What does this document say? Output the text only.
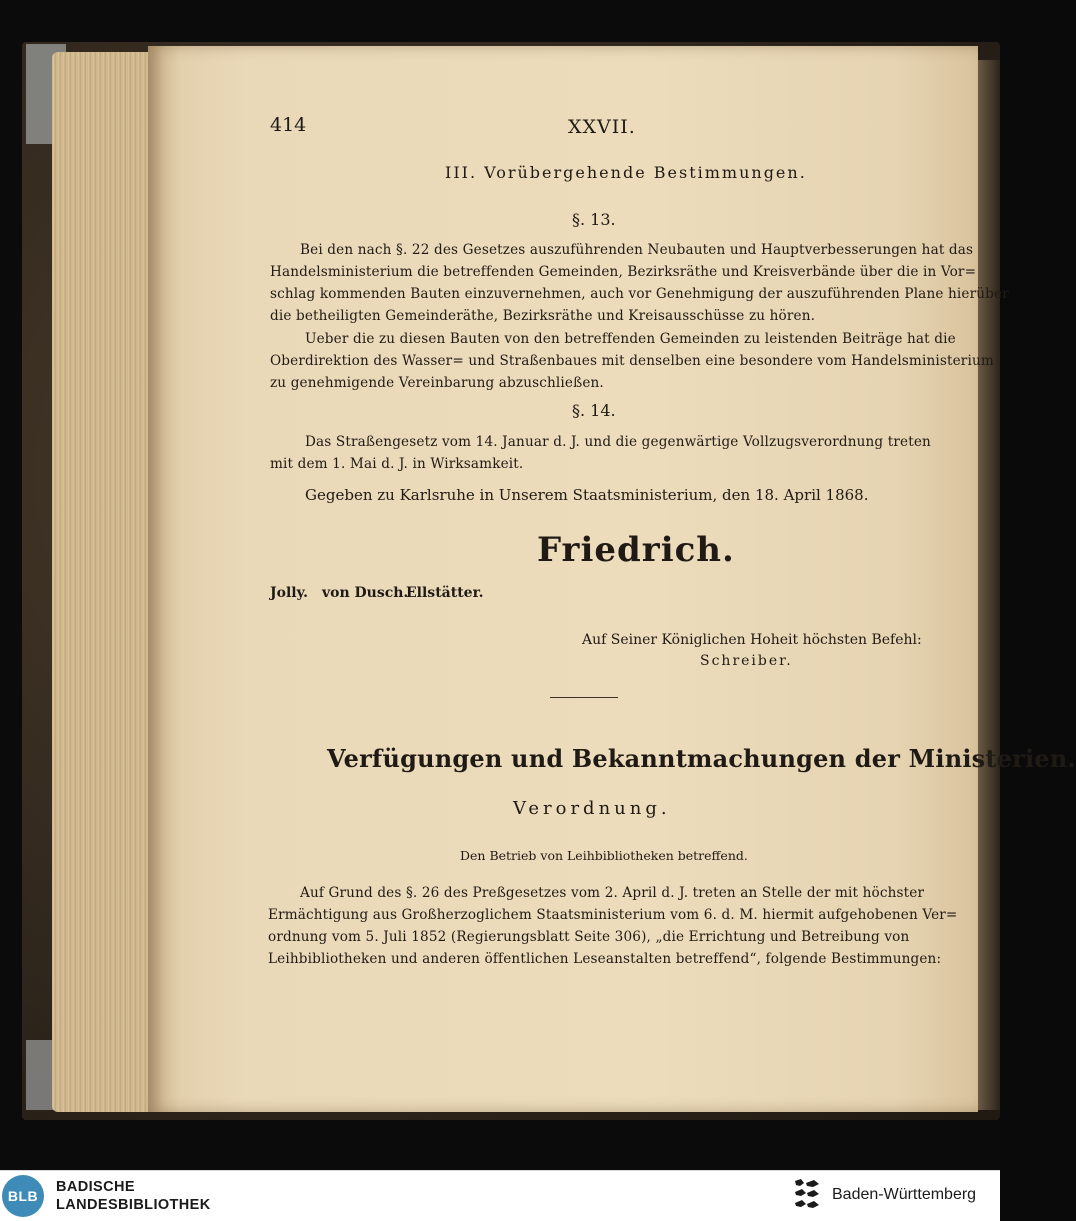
414	XXVII.
III. Vorübergehende Bestimmungen.
§. 13.
Bei den nach §. 22 des Gesetzes auszuführenden Neubauten und Hauptverbesserungen hat das
Handelsministerium die betreffenden Gemeinden, Bezirksräthe und Kreisverbände über die in Vor=
schlag kommenden Bauten einzuvernehmen, auch vor Genehmigung der auszuführenden Plane hierüber
die betheiligten Gemeinderäthe, Bezirksräthe und Kreisausschüsse zu hören.
Ueber die zu diesen Bauten von den betreffenden Gemeinden zu leistenden Beiträge hat die
Oberdirektion des Wasser= und Straßenbaues mit denselben eine besondere vom Handelsministerium
zu genehmigende Vereinbarung abzuschließen.
§. 14.
Das Straßengesetz vom 14. Januar d. J. und die gegenwärtige Vollzugsverordnung treten
mit dem 1. Mai d. J. in Wirksamkeit.
Gegeben zu Karlsruhe in Unserem Staatsministerium, den 18. April 1868.
Friedrich.
Jolly. von Dusch.
Ellstätter.
Auf Seiner Königlichen Hoheit höchsten Befehl:
Schreiber.
Verfügungen und Bekanntmachungen der Ministerien.
Verordnung.
Den Betrieb von Leihbibliotheken betreffend.
Auf Grund des §. 26 des Preßgesetzes vom 2. April d. J. treten an Stelle der mit höchster
Ermächtigung aus Großherzoglichem Staatsministerium vom 6. d. M. hiermit aufgehobenen Ver=
ordnung vom 5. Juli 1852 (Regierungsblatt Seite 306), „die Errichtung und Betreibung von
Leihbibliotheken und anderen öffentlichen Leseanstalten betreffend“, folgende Bestimmungen:
BLB
BADISCHE
LANDESBIBLIOTHEK
Baden-Württemberg
